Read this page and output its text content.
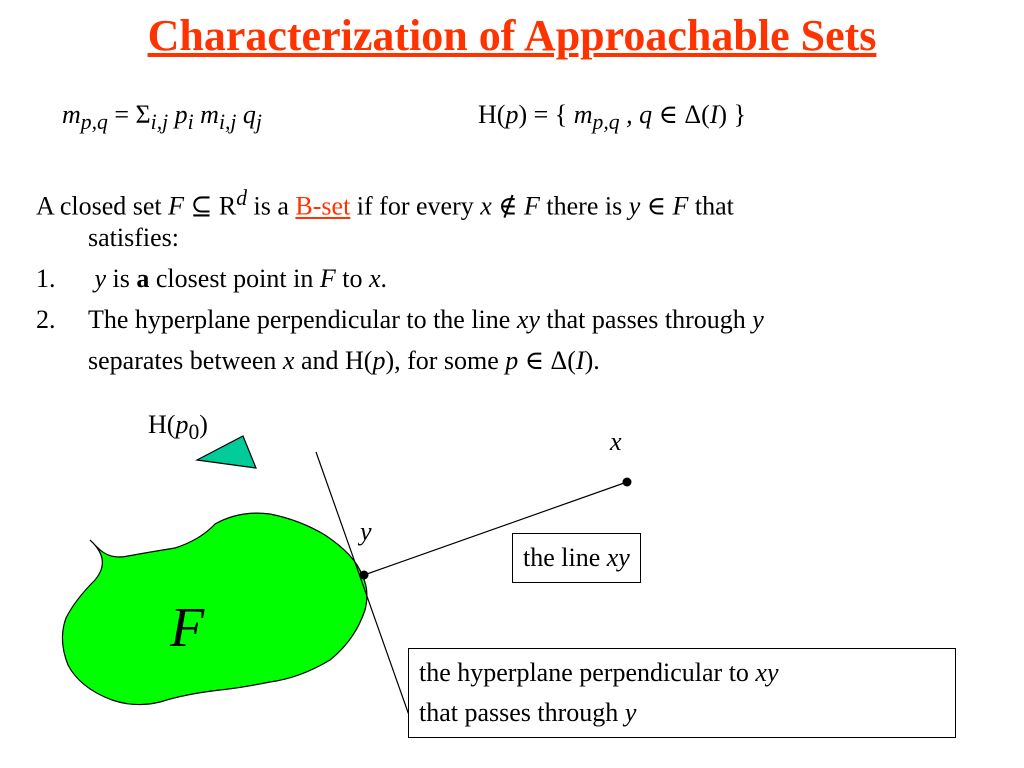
Characterization of Approachable Sets
$m_{p,q} = \Sigma_{i,j}$ $p_i$ $m_{i,j}$ $q_j$	H(p) = { $m_{p,q}$ , q ∈ Δ(I) }
A closed set F ⊆ $R^d$ is a B-set if for every x ∉ F there is y ∈ F that
satisfies:
1. y is a closest point in F to x.
2. The hyperplane perpendicular to the line xy that passes through y
separates between x and H(p), for some p ∈ Δ(I).
$H(p_0)$
x
y
F
the line xy
the hyperplane perpendicular to xy
that passes through y
